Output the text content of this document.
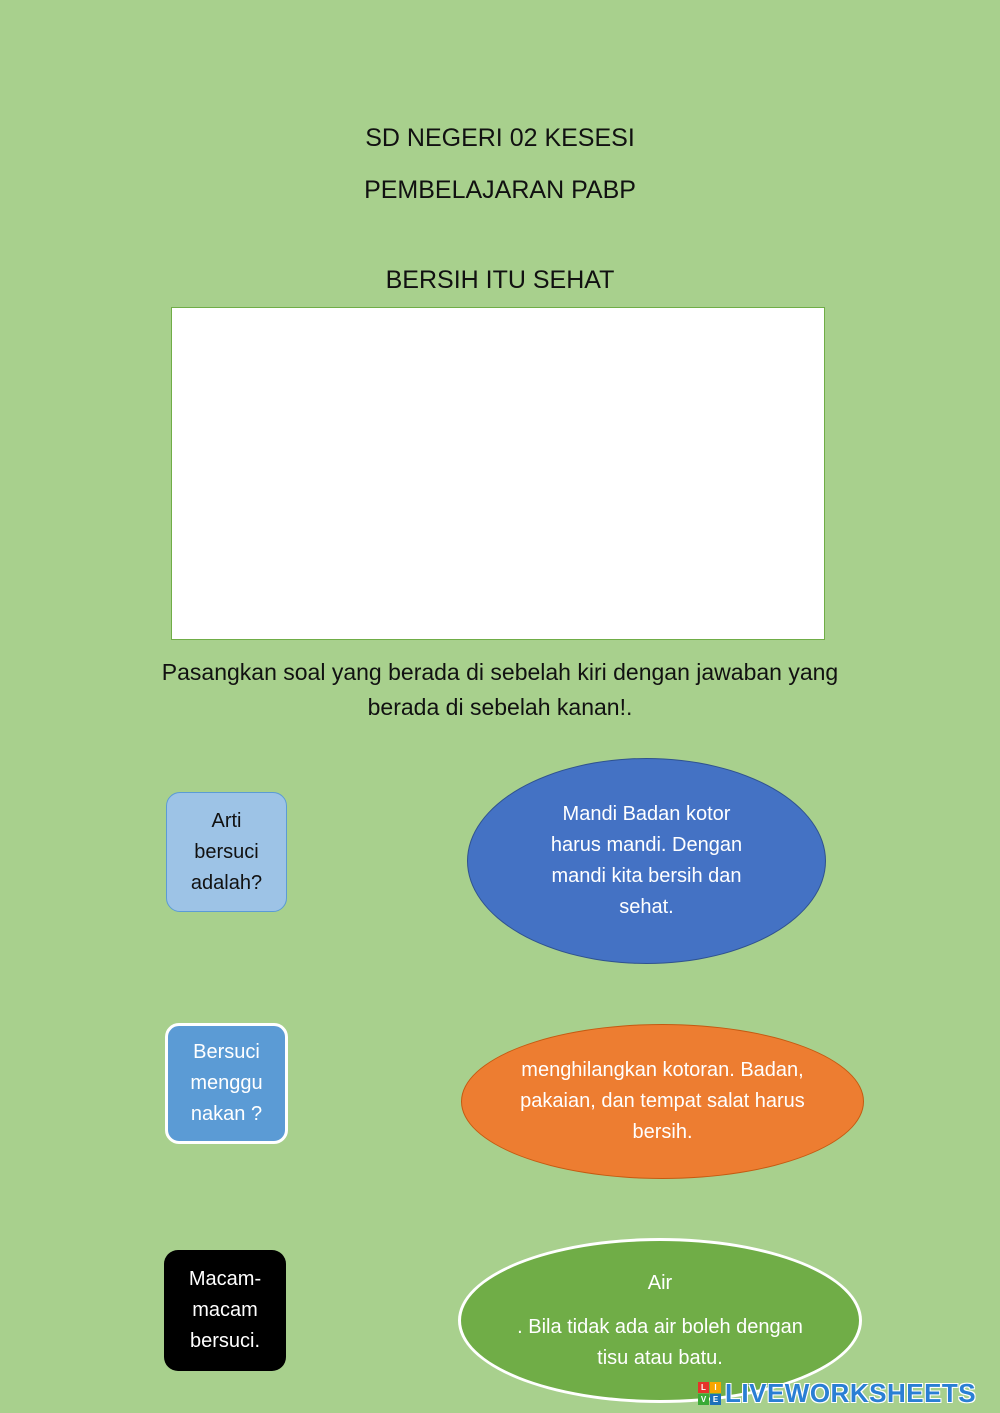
SD NEGERI 02 KESESI
PEMBELAJARAN PABP
BERSIH ITU SEHAT
Pasangkan soal yang berada di sebelah kiri dengan jawaban yang
berada di sebelah kanan!.
Arti
bersuci
adalah?
Bersuci
menggu
nakan ?
Macam-
macam
bersuci.
Mandi Badan kotor harus mandi. Dengan mandi kita bersih dan sehat.
menghilangkan kotoran. Badan, pakaian, dan tempat salat harus bersih.
Air
. Bila tidak ada air boleh dengan tisu atau batu.
L	I
V E LIVEWORKSHEETS
